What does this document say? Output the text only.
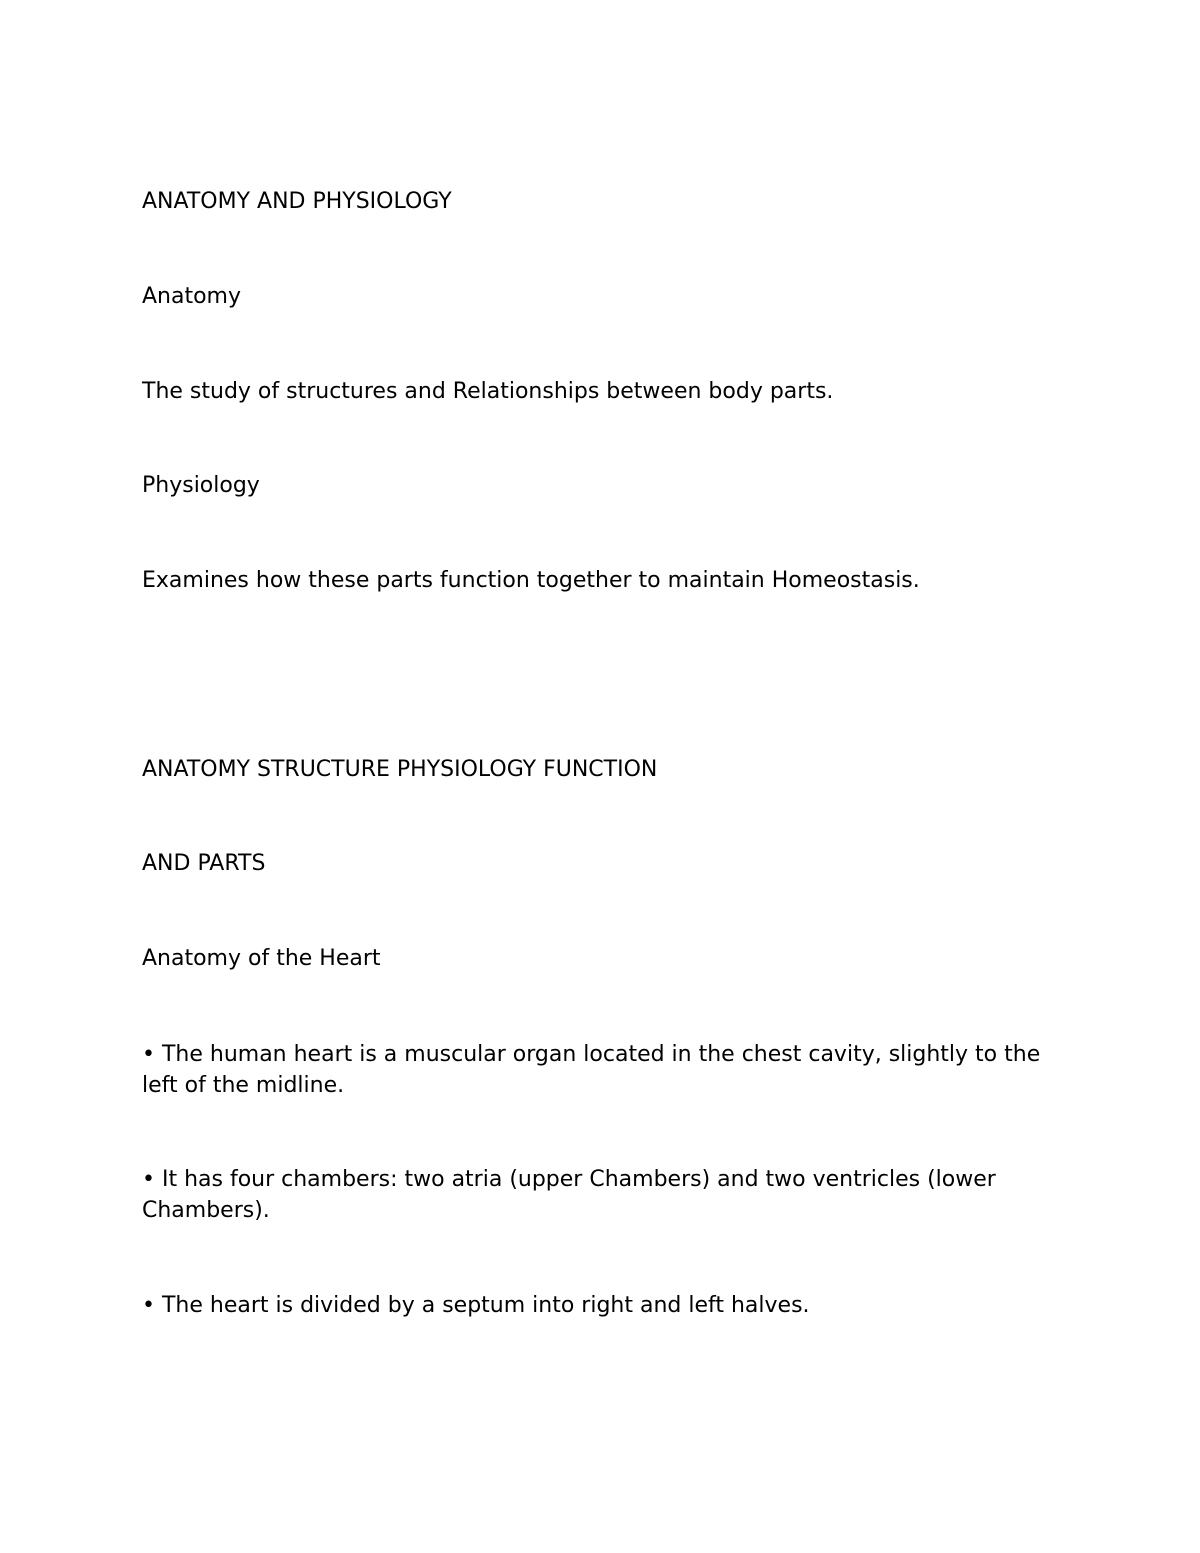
ANATOMY AND PHYSIOLOGY

Anatomy

The study of structures and Relationships between body parts.

Physiology

Examines how these parts function together to maintain Homeostasis.

ANATOMY STRUCTURE PHYSIOLOGY FUNCTION

AND PARTS

Anatomy of the Heart

• The human heart is a muscular organ located in the chest cavity, slightly to the left of the midline.

• It has four chambers: two atria (upper Chambers) and two ventricles (lower Chambers).

• The heart is divided by a septum into right and left halves.
